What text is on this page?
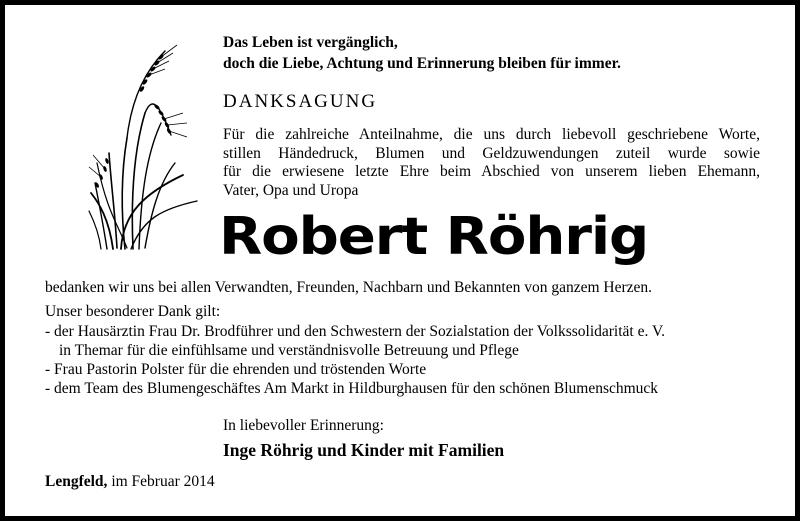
Das Leben ist vergänglich,
doch die Liebe, Achtung und Erinnerung bleiben für immer.
DANKSAGUNG
Für die zahlreiche Anteilnahme, die uns durch liebevoll geschriebene Worte,
stillen Händedruck, Blumen und Geldzuwendungen zuteil wurde sowie
für die erwiesene letzte Ehre beim Abschied von unserem lieben Ehemann,
Vater, Opa und Uropa
Robert Röhrig
bedanken wir uns bei allen Verwandten, Freunden, Nachbarn und Bekannten von ganzem Herzen.
Unser besonderer Dank gilt:
- der Hausärztin Frau Dr. Brodführer und den Schwestern der Sozialstation der Volkssolidarität e. V.
in Themar für die einfühlsame und verständnisvolle Betreuung und Pflege
- Frau Pastorin Polster für die ehrenden und tröstenden Worte
- dem Team des Blumengeschäftes Am Markt in Hildburghausen für den schönen Blumenschmuck
In liebevoller Erinnerung:
Inge Röhrig und Kinder mit Familien
Lengfeld, im Februar 2014
